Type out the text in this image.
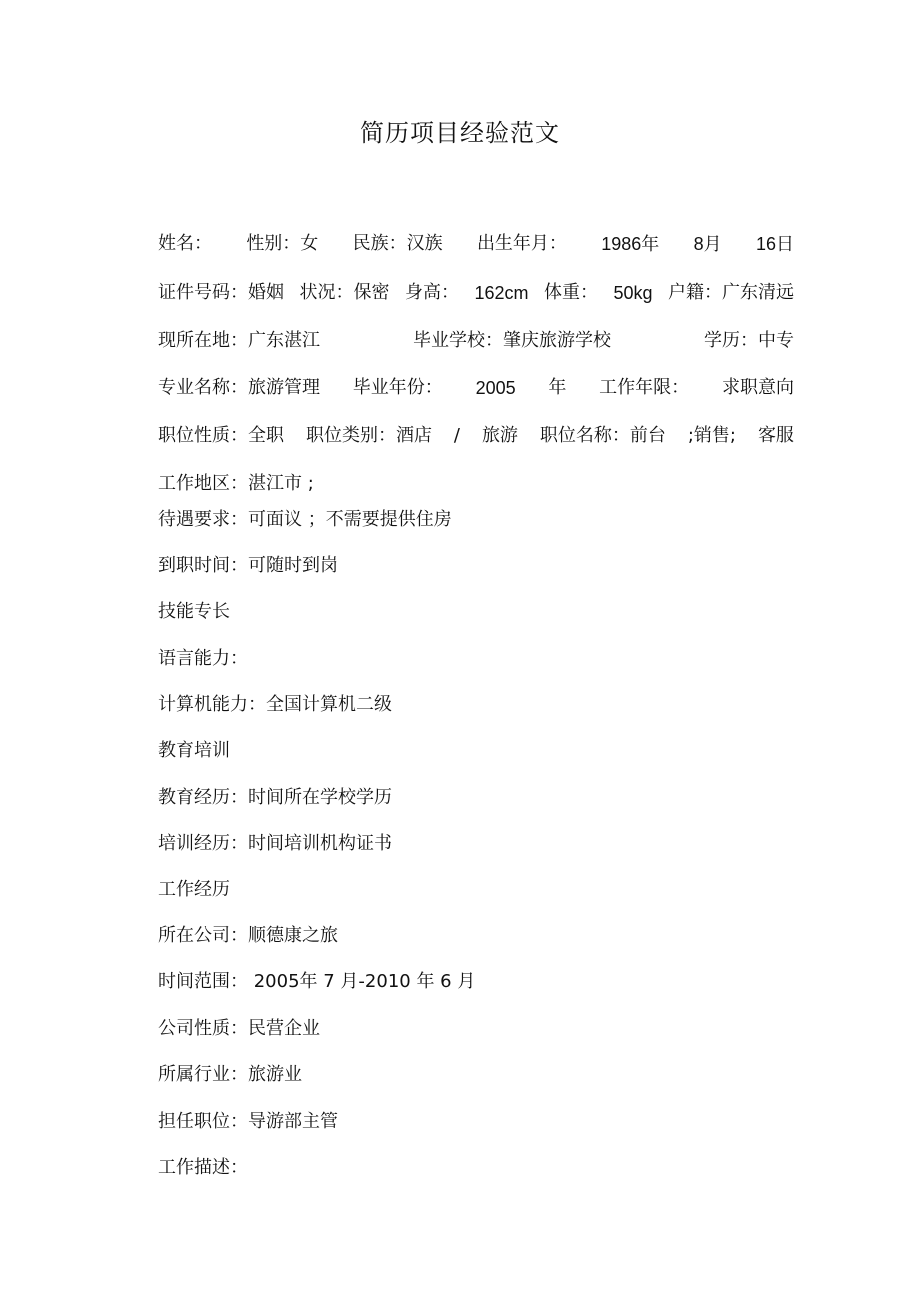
简历项目经验范文
姓名： 性别：女 民族：汉族 出生年月： 1986年 8月 16日
证件号码：婚姻 状况：保密 身高： 162cm 体重： 50kg 户籍：广东清远
现所在地：广东湛江	毕业学校：肇庆旅游学校	学历：中专
专业名称：旅游管理 毕业年份： 2005 年 工作年限： 求职意向
职位性质：全职 职位类别：酒店 / 旅游 职位名称：前台 ;销售; 客服
工作地区：湛江市 ;
待遇要求：可面议 ；不需要提供住房
到职时间：可随时到岗
技能专长
语言能力：
计算机能力：全国计算机二级
教育培训
教育经历：时间所在学校学历
培训经历：时间培训机构证书
工作经历
所在公司：顺德康之旅
时间范围： 2005年 7 月-2010 年 6 月
公司性质：民营企业
所属行业：旅游业
担任职位：导游部主管
工作描述：
